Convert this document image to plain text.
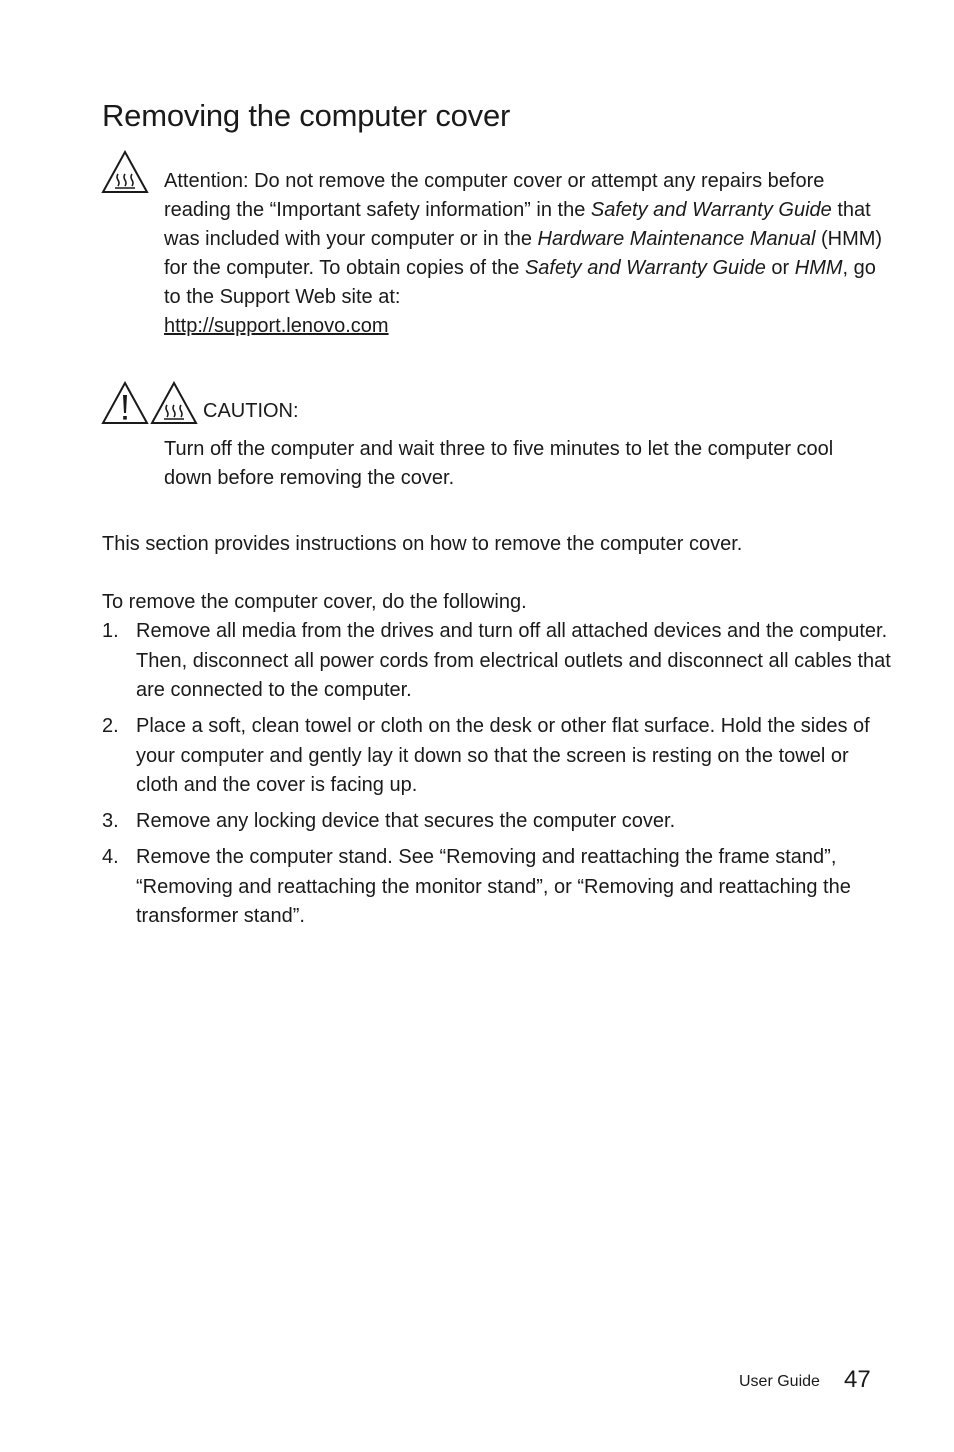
Removing the computer cover
Attention: Do not remove the computer cover or attempt any repairs before reading the “Important safety information” in the Safety and Warranty Guide that was included with your computer or in the Hardware Maintenance Manual (HMM) for the computer. To obtain copies of the Safety and Warranty Guide or HMM, go to the Support Web site at:
http://support.lenovo.com
CAUTION:
Turn off the computer and wait three to five minutes to let the computer cool down before removing the cover.
This section provides instructions on how to remove the computer cover.
To remove the computer cover, do the following.
1. Remove all media from the drives and turn off all attached devices and the computer. Then, disconnect all power cords from electrical outlets and disconnect all cables that are connected to the computer.
2. Place a soft, clean towel or cloth on the desk or other flat surface. Hold the sides of your computer and gently lay it down so that the screen is resting on the towel or cloth and the cover is facing up.
3. Remove any locking device that secures the computer cover.
4. Remove the computer stand. See “Removing and reattaching the frame stand”, “Removing and reattaching the monitor stand”, or “Removing and reattaching the transformer stand”.
User Guide 47
